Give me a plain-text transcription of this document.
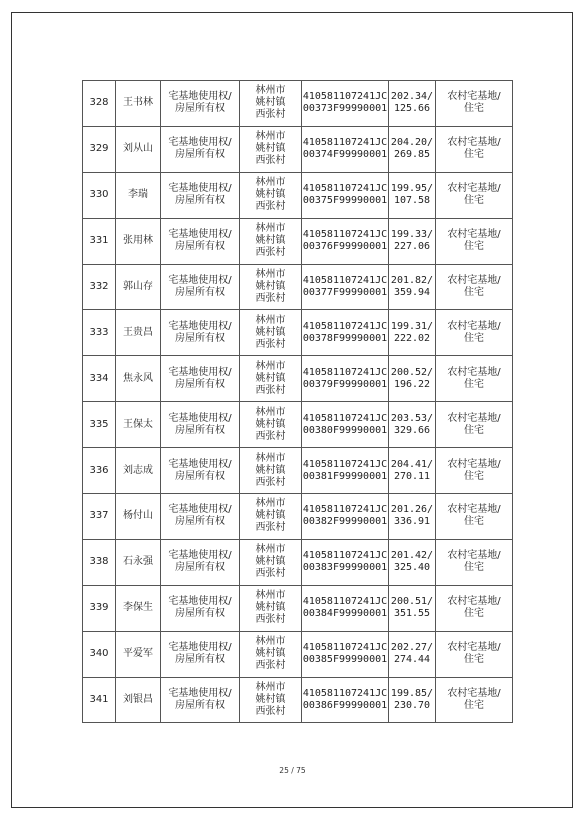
328	王书林	宅基地使用权/
房屋所有权	林州市
姚村镇
西张村	410581107241JC
00373F99990001	202.34/
125.66	农村宅基地/
住宅

329	刘从山	宅基地使用权/
房屋所有权	林州市
姚村镇
西张村	410581107241JC
00374F99990001	204.20/
269.85	农村宅基地/
住宅

330	李瑞	宅基地使用权/
房屋所有权	林州市
姚村镇
西张村	410581107241JC
00375F99990001	199.95/
107.58	农村宅基地/
住宅

331	张用林	宅基地使用权/
房屋所有权	林州市
姚村镇
西张村	410581107241JC
00376F99990001	199.33/
227.06	农村宅基地/
住宅

332	郭山存	宅基地使用权/
房屋所有权	林州市
姚村镇
西张村	410581107241JC
00377F99990001	201.82/
359.94	农村宅基地/
住宅

333	王贵昌	宅基地使用权/
房屋所有权	林州市
姚村镇
西张村	410581107241JC
00378F99990001	199.31/
222.02	农村宅基地/
住宅

334	焦永风	宅基地使用权/
房屋所有权	林州市
姚村镇
西张村	410581107241JC
00379F99990001	200.52/
196.22	农村宅基地/
住宅

335	王保太	宅基地使用权/
房屋所有权	林州市
姚村镇
西张村	410581107241JC
00380F99990001	203.53/
329.66	农村宅基地/
住宅

336	刘志成	宅基地使用权/
房屋所有权	林州市
姚村镇
西张村	410581107241JC
00381F99990001	204.41/
270.11	农村宅基地/
住宅

337	杨付山	宅基地使用权/
房屋所有权	林州市
姚村镇
西张村	410581107241JC
00382F99990001	201.26/
336.91	农村宅基地/
住宅

338	石永强	宅基地使用权/
房屋所有权	林州市
姚村镇
西张村	410581107241JC
00383F99990001	201.42/
325.40	农村宅基地/
住宅

339	李保生	宅基地使用权/
房屋所有权	林州市
姚村镇
西张村	410581107241JC
00384F99990001	200.51/
351.55	农村宅基地/
住宅

340	平爱军	宅基地使用权/
房屋所有权	林州市
姚村镇
西张村	410581107241JC
00385F99990001	202.27/
274.44	农村宅基地/
住宅

341	刘银昌	宅基地使用权/
房屋所有权	林州市
姚村镇
西张村	410581107241JC
00386F99990001	199.85/
230.70	农村宅基地/
住宅
25 / 75
